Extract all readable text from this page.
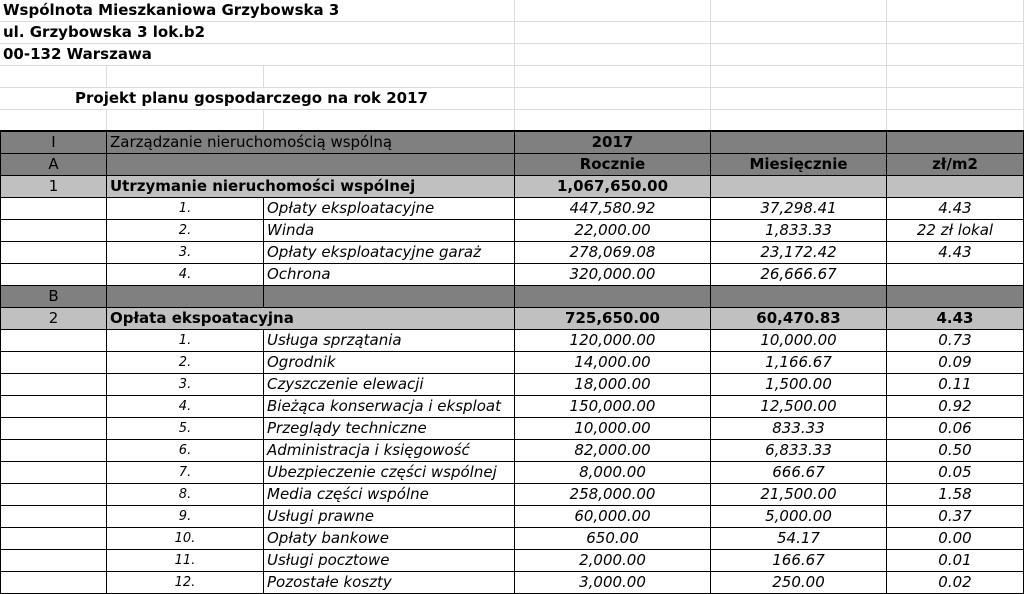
Wspólnota Mieszkaniowa Grzybowska 3
ul. Grzybowska 3 lok.b2
00-132 Warszawa
Projekt planu gospodarczego na rok 2017
I	Zarządzanie nieruchomością wspólną	2017
A	Rocznie	Miesięcznie	zł/m2
1	Utrzymanie nieruchomości wspólnej	1,067,650.00
1.	Opłaty eksploatacyjne	447,580.92	37,298.41	4.43
2.	Winda	22,000.00	1,833.33	22 zł lokal
3.	Opłaty eksploatacyjne garaż	278,069.08	23,172.42	4.43
4.	Ochrona	320,000.00	26,666.67
B
2	Opłata ekspoatacyjna	725,650.00	60,470.83	4.43
1.	Usługa sprzątania	120,000.00	10,000.00	0.73
2.	Ogrodnik	14,000.00	1,166.67	0.09
3.	Czyszczenie elewacji	18,000.00	1,500.00	0.11
4.	Bieżąca konserwacja i eksploat	150,000.00	12,500.00	0.92
5.	Przeglądy techniczne	10,000.00	833.33	0.06
6.	Administracja i księgowość	82,000.00	6,833.33	0.50
7.	Ubezpieczenie części wspólnej	8,000.00	666.67	0.05
8.	Media części wspólne	258,000.00	21,500.00	1.58
9.	Usługi prawne	60,000.00	5,000.00	0.37
10.	Opłaty bankowe	650.00	54.17	0.00
11.	Usługi pocztowe	2,000.00	166.67	0.01
12.	Pozostałe koszty	3,000.00	250.00	0.02
